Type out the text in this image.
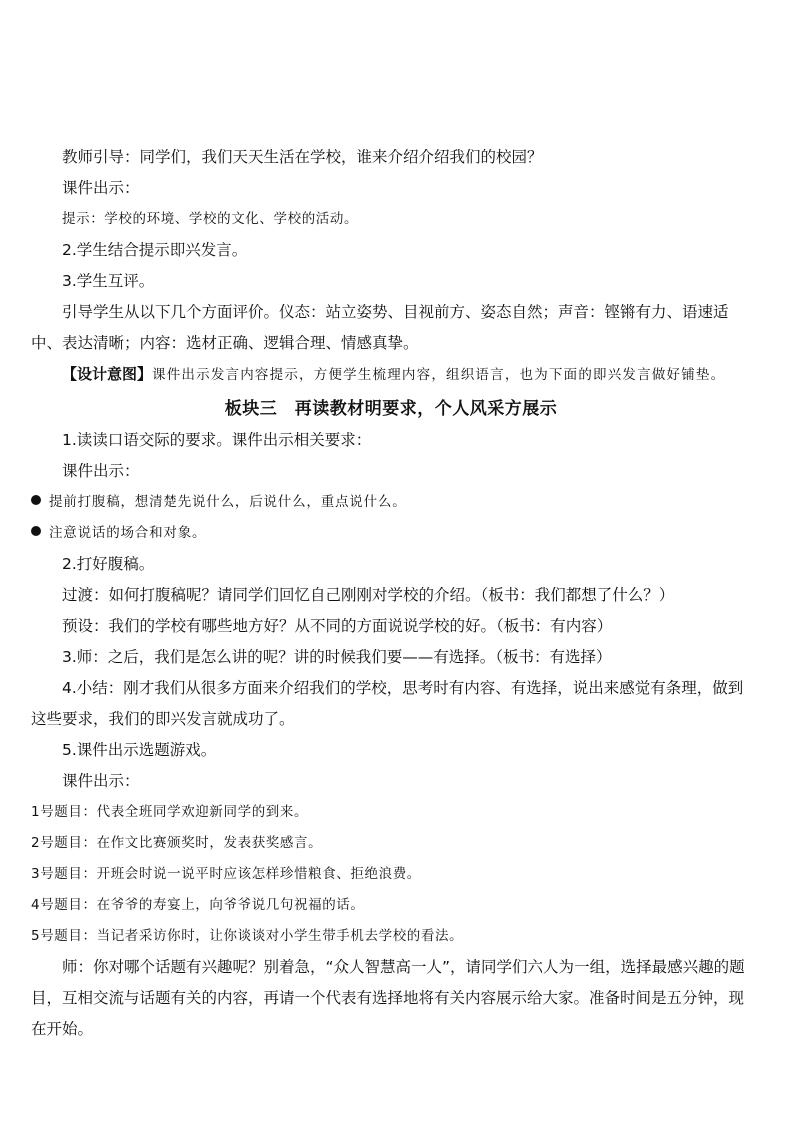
教师引导：同学们，我们天天生活在学校，谁来介绍介绍我们的校园？

课件出示：

提示：学校的环境、学校的文化、学校的活动。

2.学生结合提示即兴发言。

3.学生互评。

引导学生从以下几个方面评价。仪态：站立姿势、目视前方、姿态自然；声音：铿锵有力、语速适中、表达清晰；内容：选材正确、逻辑合理、情感真挚。

【设计意图】课件出示发言内容提示，方便学生梳理内容，组织语言，也为下面的即兴发言做好铺垫。

板块三　再读教材明要求，个人风采方展示

1.读读口语交际的要求。课件出示相关要求：

课件出示：

提前打腹稿，想清楚先说什么，后说什么，重点说什么。

注意说话的场合和对象。

2.打好腹稿。

过渡：如何打腹稿呢？请同学们回忆自己刚刚对学校的介绍。（板书：我们都想了什么？）

预设：我们的学校有哪些地方好？从不同的方面说说学校的好。（板书：有内容）

3.师：之后，我们是怎么讲的呢？讲的时候我们要——有选择。（板书：有选择）

4.小结：刚才我们从很多方面来介绍我们的学校，思考时有内容、有选择，说出来感觉有条理，做到这些要求，我们的即兴发言就成功了。

5.课件出示选题游戏。

课件出示：

1号题目：代表全班同学欢迎新同学的到来。

2号题目：在作文比赛颁奖时，发表获奖感言。

3号题目：开班会时说一说平时应该怎样珍惜粮食、拒绝浪费。

4号题目：在爷爷的寿宴上，向爷爷说几句祝福的话。

5号题目：当记者采访你时，让你谈谈对小学生带手机去学校的看法。

师：你对哪个话题有兴趣呢？别着急，“众人智慧高一人”，请同学们六人为一组，选择最感兴趣的题目，互相交流与话题有关的内容，再请一个代表有选择地将有关内容展示给大家。准备时间是五分钟，现在开始。
